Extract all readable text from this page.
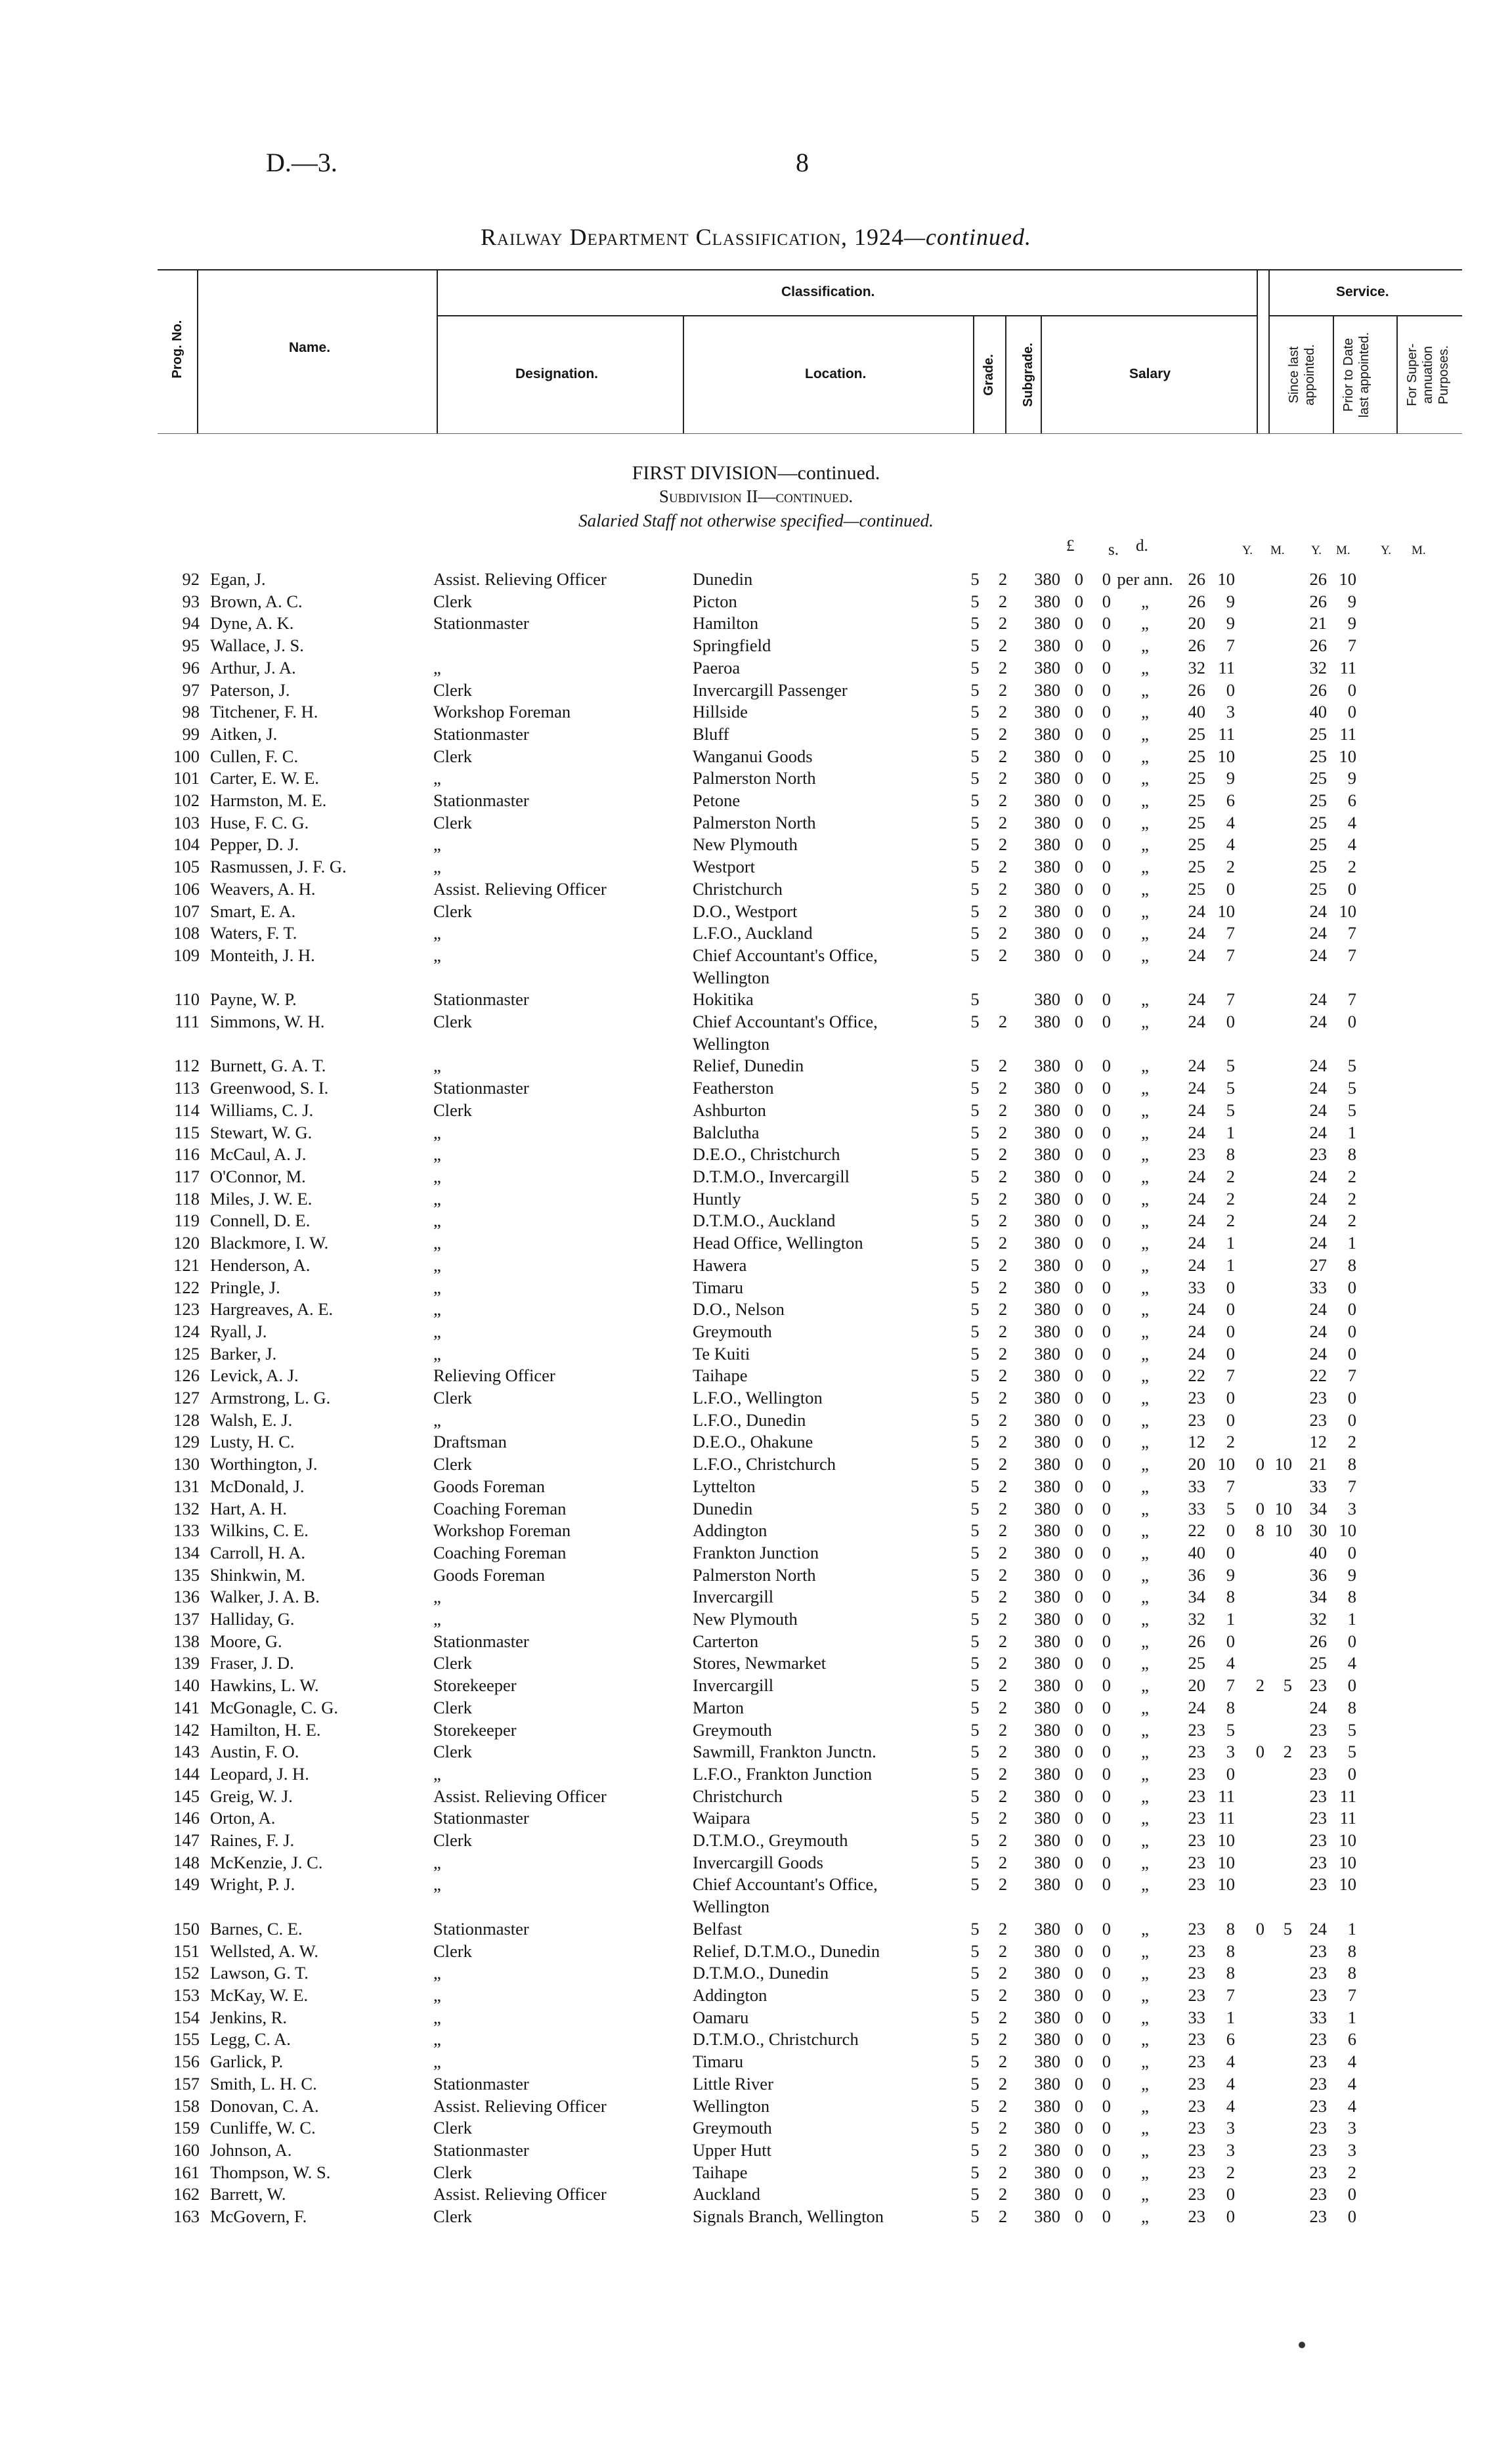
D.—3.	8
Railway Department Classification, 1924—continued.
Prog. No.	Name.
Classification.
Designation.	Location.	Grade. Subgrade.	Salary
Service.
Since last appointed. Prior to Date last appointed.	For Super-annuation Purposes.
FIRST DIVISION—continued.
Subdivision II—continued.
Salaried Staff not otherwise specified—continued.
£ s. d.	Y. M. Y. M. Y. M.
92	Egan, J.	Assist. Relieving Officer	Dunedin	5	2	380	0	0	per ann.	26	10			26	10
93	Brown, A. C.	Clerk	Picton	5	2	380	0	0	„	26	9			26	9
94	Dyne, A. K.	Stationmaster	Hamilton	5	2	380	0	0	„	20	9			21	9
95	Wallace, J. S.		Springfield	5	2	380	0	0	„	26	7			26	7
96	Arthur, J. A.	„	Paeroa	5	2	380	0	0	„	32	11			32	11
97	Paterson, J.	Clerk	Invercargill Passenger	5	2	380	0	0	„	26	0			26	0
98	Titchener, F. H.	Workshop Foreman	Hillside	5	2	380	0	0	„	40	3			40	0
99	Aitken, J.	Stationmaster	Bluff	5	2	380	0	0	„	25	11			25	11
100	Cullen, F. C.	Clerk	Wanganui Goods	5	2	380	0	0	„	25	10			25	10
101	Carter, E. W. E.	„	Palmerston North	5	2	380	0	0	„	25	9			25	9
102	Harmston, M. E.	Stationmaster	Petone	5	2	380	0	0	„	25	6			25	6
103	Huse, F. C. G.	Clerk	Palmerston North	5	2	380	0	0	„	25	4			25	4
104	Pepper, D. J.	„	New Plymouth	5	2	380	0	0	„	25	4			25	4
105	Rasmussen, J. F. G.	„	Westport	5	2	380	0	0	„	25	2			25	2
106	Weavers, A. H.	Assist. Relieving Officer	Christchurch	5	2	380	0	0	„	25	0			25	0
107	Smart, E. A.	Clerk	D.O., Westport	5	2	380	0	0	„	24	10			24	10
108	Waters, F. T.	„	L.F.O., Auckland	5	2	380	0	0	„	24	7			24	7
109	Monteith, J. H.	„	Chief Accountant's Office,
Wellington	5	2	380	0	0	„	24	7			24	7
110	Payne, W. P.	Stationmaster	Hokitika	5		380	0	0	„	24	7			24	7
111	Simmons, W. H.	Clerk	Chief Accountant's Office,
Wellington	5	2	380	0	0	„	24	0			24	0
112	Burnett, G. A. T.	„	Relief, Dunedin	5	2	380	0	0	„	24	5			24	5
113	Greenwood, S. I.	Stationmaster	Featherston	5	2	380	0	0	„	24	5			24	5
114	Williams, C. J.	Clerk	Ashburton	5	2	380	0	0	„	24	5			24	5
115	Stewart, W. G.	„	Balclutha	5	2	380	0	0	„	24	1			24	1
116	McCaul, A. J.	„	D.E.O., Christchurch	5	2	380	0	0	„	23	8			23	8
117	O'Connor, M.	„	D.T.M.O., Invercargill	5	2	380	0	0	„	24	2			24	2
118	Miles, J. W. E.	„	Huntly	5	2	380	0	0	„	24	2			24	2
119	Connell, D. E.	„	D.T.M.O., Auckland	5	2	380	0	0	„	24	2			24	2
120	Blackmore, I. W.	„	Head Office, Wellington	5	2	380	0	0	„	24	1			24	1
121	Henderson, A.	„	Hawera	5	2	380	0	0	„	24	1			27	8
122	Pringle, J.	„	Timaru	5	2	380	0	0	„	33	0			33	0
123	Hargreaves, A. E.	„	D.O., Nelson	5	2	380	0	0	„	24	0			24	0
124	Ryall, J.	„	Greymouth	5	2	380	0	0	„	24	0			24	0
125	Barker, J.	„	Te Kuiti	5	2	380	0	0	„	24	0			24	0
126	Levick, A. J.	Relieving Officer	Taihape	5	2	380	0	0	„	22	7			22	7
127	Armstrong, L. G.	Clerk	L.F.O., Wellington	5	2	380	0	0	„	23	0			23	0
128	Walsh, E. J.	„	L.F.O., Dunedin	5	2	380	0	0	„	23	0			23	0
129	Lusty, H. C.	Draftsman	D.E.O., Ohakune	5	2	380	0	0	„	12	2			12	2
130	Worthington, J.	Clerk	L.F.O., Christchurch	5	2	380	0	0	„	20	10	0	10	21	8
131	McDonald, J.	Goods Foreman	Lyttelton	5	2	380	0	0	„	33	7			33	7
132	Hart, A. H.	Coaching Foreman	Dunedin	5	2	380	0	0	„	33	5	0	10	34	3
133	Wilkins, C. E.	Workshop Foreman	Addington	5	2	380	0	0	„	22	0	8	10	30	10
134	Carroll, H. A.	Coaching Foreman	Frankton Junction	5	2	380	0	0	„	40	0			40	0
135	Shinkwin, M.	Goods Foreman	Palmerston North	5	2	380	0	0	„	36	9			36	9
136	Walker, J. A. B.	„	Invercargill	5	2	380	0	0	„	34	8			34	8
137	Halliday, G.	„	New Plymouth	5	2	380	0	0	„	32	1			32	1
138	Moore, G.	Stationmaster	Carterton	5	2	380	0	0	„	26	0			26	0
139	Fraser, J. D.	Clerk	Stores, Newmarket	5	2	380	0	0	„	25	4			25	4
140	Hawkins, L. W.	Storekeeper	Invercargill	5	2	380	0	0	„	20	7	2	5	23	0
141	McGonagle, C. G.	Clerk	Marton	5	2	380	0	0	„	24	8			24	8
142	Hamilton, H. E.	Storekeeper	Greymouth	5	2	380	0	0	„	23	5			23	5
143	Austin, F. O.	Clerk	Sawmill, Frankton Junctn.	5	2	380	0	0	„	23	3	0	2	23	5
144	Leopard, J. H.	„	L.F.O., Frankton Junction	5	2	380	0	0	„	23	0			23	0
145	Greig, W. J.	Assist. Relieving Officer	Christchurch	5	2	380	0	0	„	23	11			23	11
146	Orton, A.	Stationmaster	Waipara	5	2	380	0	0	„	23	11			23	11
147	Raines, F. J.	Clerk	D.T.M.O., Greymouth	5	2	380	0	0	„	23	10			23	10
148	McKenzie, J. C.	„	Invercargill Goods	5	2	380	0	0	„	23	10			23	10
149	Wright, P. J.	„	Chief Accountant's Office,
Wellington	5	2	380	0	0	„	23	10			23	10
150	Barnes, C. E.	Stationmaster	Belfast	5	2	380	0	0	„	23	8	0	5	24	1
151	Wellsted, A. W.	Clerk	Relief, D.T.M.O., Dunedin	5	2	380	0	0	„	23	8			23	8
152	Lawson, G. T.	„	D.T.M.O., Dunedin	5	2	380	0	0	„	23	8			23	8
153	McKay, W. E.	„	Addington	5	2	380	0	0	„	23	7			23	7
154	Jenkins, R.	„	Oamaru	5	2	380	0	0	„	33	1			33	1
155	Legg, C. A.	„	D.T.M.O., Christchurch	5	2	380	0	0	„	23	6			23	6
156	Garlick, P.	„	Timaru	5	2	380	0	0	„	23	4			23	4
157	Smith, L. H. C.	Stationmaster	Little River	5	2	380	0	0	„	23	4			23	4
158	Donovan, C. A.	Assist. Relieving Officer	Wellington	5	2	380	0	0	„	23	4			23	4
159	Cunliffe, W. C.	Clerk	Greymouth	5	2	380	0	0	„	23	3			23	3
160	Johnson, A.	Stationmaster	Upper Hutt	5	2	380	0	0	„	23	3			23	3
161	Thompson, W. S.	Clerk	Taihape	5	2	380	0	0	„	23	2			23	2
162	Barrett, W.	Assist. Relieving Officer	Auckland	5	2	380	0	0	„	23	0			23	0
163	McGovern, F.	Clerk	Signals Branch, Wellington	5	2	380	0	0	„	23	0			23	0
